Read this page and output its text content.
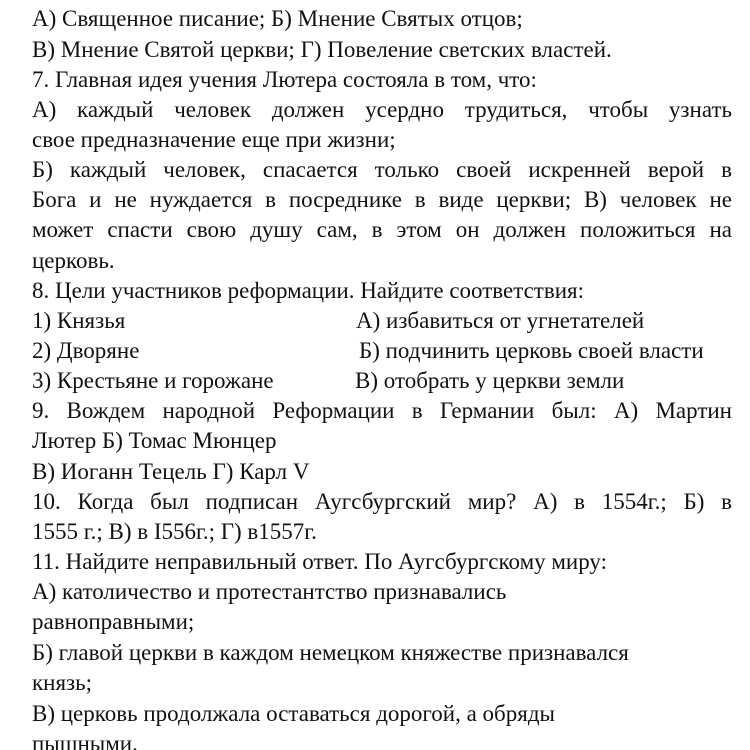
А) Священное писание; Б) Мнение Святых отцов;
В) Мнение Святой церкви; Г) Повеление светских властей.
7. Главная идея учения Лютера состояла в том, что:
А) каждый человек должен усердно трудиться, чтобы узнать
свое предназначение еще при жизни;
Б) каждый человек, спасается только своей искренней верой в
Бога и не нуждается в посреднике в виде церкви; В) человек не
может спасти свою душу сам, в этом он должен положиться на
церковь.
8. Цели участников реформации. Найдите соответствия:
1) Князья	А) избавиться от угнетателей
2) Дворяне	Б) подчинить церковь своей власти
3) Крестьяне и горожане	В) отобрать у церкви земли
9. Вождем народной Реформации в Германии был: А) Мартин
Лютер Б) Томас Мюнцер
В) Иоганн Тецель Г) Карл V
10. Когда был подписан Аугсбургский мир? А) в 1554г.; Б) в
1555 г.; В) в I556г.; Г) в1557г.
11. Найдите неправильный ответ. По Аугсбургскому миру:
А) католичество и протестантство признавались
равноправными;
Б) главой церкви в каждом немецком княжестве признавался
князь;
В) церковь продолжала оставаться дорогой, а обряды
пышными.
